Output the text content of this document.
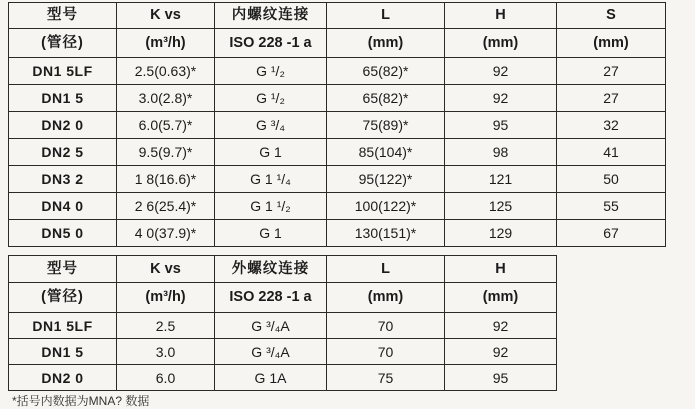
型号	K vs	内螺纹连接	L	H	S
(管径)	(m³/h)	ISO 228 -1 a	(mm)	(mm)	(mm)
DN1 5LF	2.5(0.63)*	G ¹/₂	65(82)*	92	27
DN1 5	3.0(2.8)*	G ¹/₂	65(82)*	92	27
DN2 0	6.0(5.7)*	G ³/₄	75(89)*	95	32
DN2 5	9.5(9.7)*	G 1	85(104)*	98	41
DN3 2	1 8(16.6)*	G 1 ¹/₄	95(122)*	121	50
DN4 0	2 6(25.4)*	G 1 ¹/₂	100(122)*	125	55
DN5 0	4 0(37.9)*	G 1	130(151)*	129	67
型号	K vs	外螺纹连接	L	H
(管径)	(m³/h)	ISO 228 -1 a	(mm)	(mm)
DN1 5LF	2.5	G ³/₄A	70	92
DN1 5	3.0	G ³/₄A	70	92
DN2 0	6.0	G 1A	75	95
*括号内数据为MNA? 数据
